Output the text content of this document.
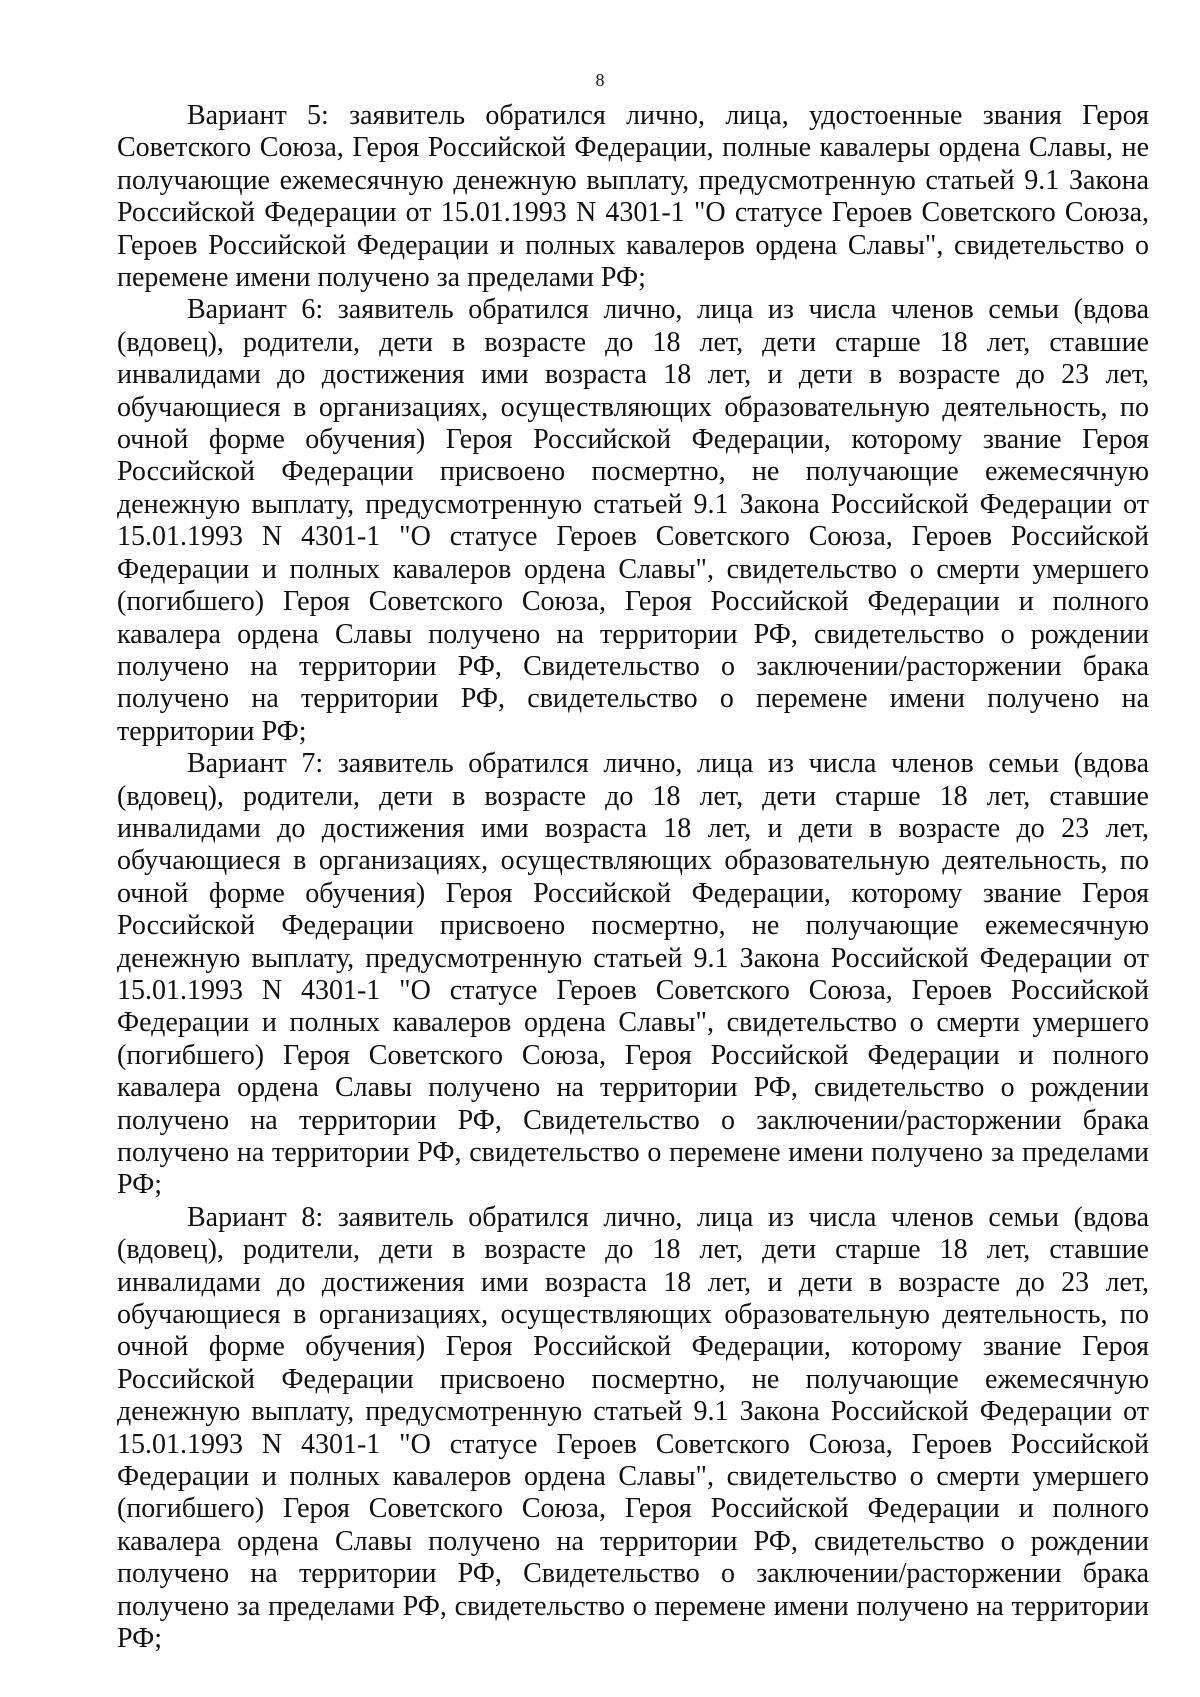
8

Вариант 5: заявитель обратился лично, лица, удостоенные звания Героя Советского Союза, Героя Российской Федерации, полные кавалеры ордена Славы, не получающие ежемесячную денежную выплату, предусмотренную статьей 9.1 Закона Российской Федерации от 15.01.1993 N 4301-1 "О статусе Героев Советского Союза, Героев Российской Федерации и полных кавалеров ордена Славы", свидетельство о перемене имени получено за пределами РФ;

Вариант 6: заявитель обратился лично, лица из числа членов семьи (вдова (вдовец), родители, дети в возрасте до 18 лет, дети старше 18 лет, ставшие инвалидами до достижения ими возраста 18 лет, и дети в возрасте до 23 лет, обучающиеся в организациях, осуществляющих образовательную деятельность, по очной форме обучения) Героя Российской Федерации, которому звание Героя Российской Федерации присвоено посмертно, не получающие ежемесячную денежную выплату, предусмотренную статьей 9.1 Закона Российской Федерации от 15.01.1993 N 4301-1 "О статусе Героев Советского Союза, Героев Российской Федерации и полных кавалеров ордена Славы", свидетельство о смерти умершего (погибшего) Героя Советского Союза, Героя Российской Федерации и полного кавалера ордена Славы получено на территории РФ, свидетельство о рождении получено на территории РФ, Свидетельство о заключении/расторжении брака получено на территории РФ, свидетельство о перемене имени получено на территории РФ;

Вариант 7: заявитель обратился лично, лица из числа членов семьи (вдова (вдовец), родители, дети в возрасте до 18 лет, дети старше 18 лет, ставшие инвалидами до достижения ими возраста 18 лет, и дети в возрасте до 23 лет, обучающиеся в организациях, осуществляющих образовательную деятельность, по очной форме обучения) Героя Российской Федерации, которому звание Героя Российской Федерации присвоено посмертно, не получающие ежемесячную денежную выплату, предусмотренную статьей 9.1 Закона Российской Федерации от 15.01.1993 N 4301-1 "О статусе Героев Советского Союза, Героев Российской Федерации и полных кавалеров ордена Славы", свидетельство о смерти умершего (погибшего) Героя Советского Союза, Героя Российской Федерации и полного кавалера ордена Славы получено на территории РФ, свидетельство о рождении получено на территории РФ, Свидетельство о заключении/расторжении брака получено на территории РФ, свидетельство о перемене имени получено за пределами РФ;

Вариант 8: заявитель обратился лично, лица из числа членов семьи (вдова (вдовец), родители, дети в возрасте до 18 лет, дети старше 18 лет, ставшие инвалидами до достижения ими возраста 18 лет, и дети в возрасте до 23 лет, обучающиеся в организациях, осуществляющих образовательную деятельность, по очной форме обучения) Героя Российской Федерации, которому звание Героя Российской Федерации присвоено посмертно, не получающие ежемесячную денежную выплату, предусмотренную статьей 9.1 Закона Российской Федерации от 15.01.1993 N 4301-1 "О статусе Героев Советского Союза, Героев Российской Федерации и полных кавалеров ордена Славы", свидетельство о смерти умершего (погибшего) Героя Советского Союза, Героя Российской Федерации и полного кавалера ордена Славы получено на территории РФ, свидетельство о рождении получено на территории РФ, Свидетельство о заключении/расторжении брака получено за пределами РФ, свидетельство о перемене имени получено на территории РФ;
